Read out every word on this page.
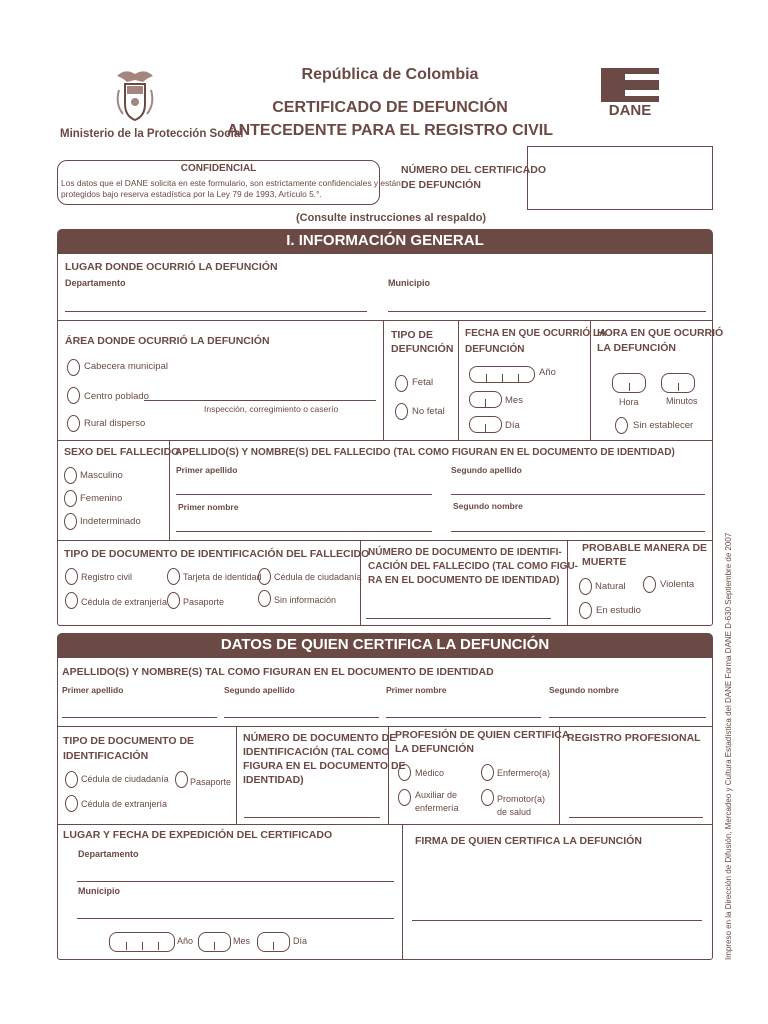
Ministerio de la Protección Social
República de Colombia
CERTIFICADO DE DEFUNCIÓN
ANTECEDENTE PARA EL REGISTRO CIVIL
DANE
CONFIDENCIAL
Los datos que el DANE solicita en este formulario, son estrictamente confidenciales y están
protegidos bajo reserva estadística por la Ley 79 de 1993, Artículo 5.°.
NÚMERO DEL CERTIFICADO
DE DEFUNCIÓN
(Consulte instrucciones al respaldo)
I. INFORMACIÓN GENERAL
LUGAR DONDE OCURRIÓ LA DEFUNCIÓN
Departamento	Municipio
ÁREA DONDE OCURRIÓ LA DEFUNCIÓN
Cabecera municipal
Centro poblado
Inspección, corregimiento o caserío
Rural disperso
TIPO DE
DEFUNCIÓN
Fetal
No fetal
FECHA EN QUE OCURRIÓ LA
DEFUNCIÓN
Año
Mes
Día
HORA EN QUE OCURRIÓ
LA DEFUNCIÓN
Hora	Minutos
Sin establecer
SEXO DEL FALLECIDO
Masculino
Femenino
Indeterminado
APELLIDO(S) Y NOMBRE(S) DEL FALLECIDO (TAL COMO FIGURAN EN EL DOCUMENTO DE IDENTIDAD)
Primer apellido	Segundo apellido
Primer nombre	Segundo nombre
TIPO DE DOCUMENTO DE IDENTIFICACIÓN DEL FALLECIDO
Registro civil	Tarjeta de identidad Cédula de ciudadanía
Cédula de extranjería Pasaporte	Sin información
NÚMERO DE DOCUMENTO DE IDENTIFI-
CACIÓN DEL FALLECIDO (TAL COMO FIGU-
RA EN EL DOCUMENTO DE IDENTIDAD)
PROBABLE MANERA DE
MUERTE
Natural	Violenta
En estudio
DATOS DE QUIEN CERTIFICA LA DEFUNCIÓN
APELLIDO(S) Y NOMBRE(S) TAL COMO FIGURAN EN EL DOCUMENTO DE IDENTIDAD
Primer apellido	Segundo apellido	Primer nombre	Segundo nombre
TIPO DE DOCUMENTO DE
IDENTIFICACIÓN
Cédula de ciudadanía Pasaporte
Cédula de extranjería
NÚMERO DE DOCUMENTO DE
IDENTIFICACIÓN (TAL COMO
FIGURA EN EL DOCUMENTO DE
IDENTIDAD)
PROFESIÓN DE QUIEN CERTIFICA
LA DEFUNCIÓN
Médico	Enfermero(a)
Auxiliar de
enfermería
Promotor(a)
de salud
REGISTRO PROFESIONAL
LUGAR Y FECHA DE EXPEDICIÓN DEL CERTIFICADO
Departamento
Municipio
Año	Mes	Día
FIRMA DE QUIEN CERTIFICA LA DEFUNCIÓN	Impreso en la Dirección de Difusión, Mercadeo y Cultura Estadística del DANE Forma DANE D-630 Septiembre de 2007
